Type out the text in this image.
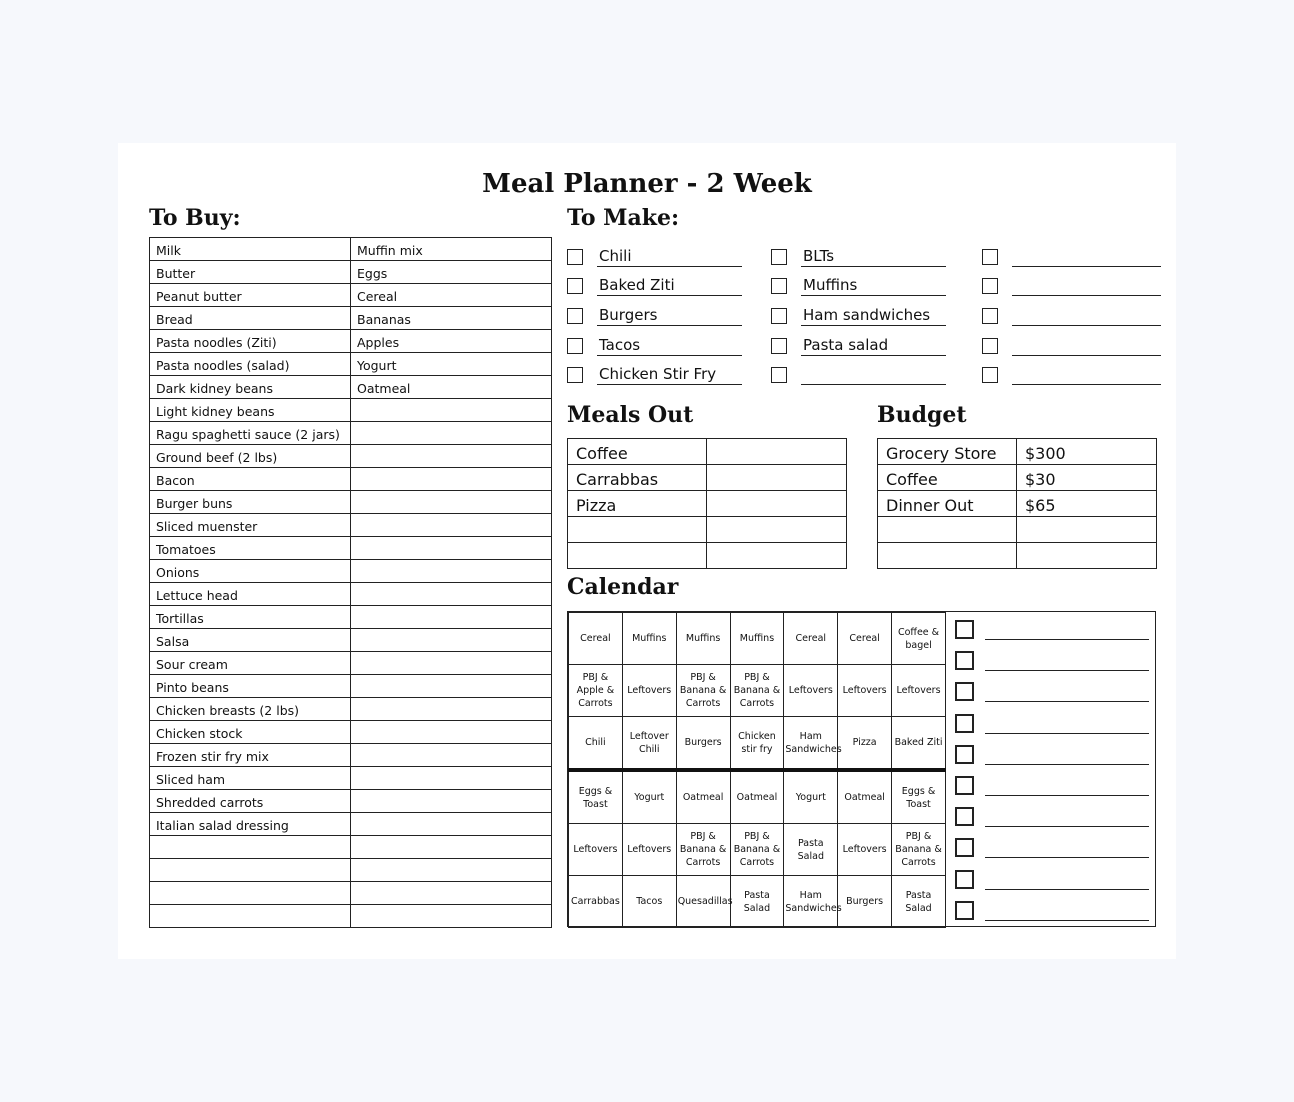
Meal Planner - 2 Week
To Buy:
Milk	Muffin mix
Butter	Eggs
Peanut butter	Cereal
Bread	Bananas
Pasta noodles (Ziti)	Apples
Pasta noodles (salad)	Yogurt
Dark kidney beans	Oatmeal
Light kidney beans	
Ragu spaghetti sauce (2 jars)	
Ground beef (2 lbs)	
Bacon	
Burger buns	
Sliced muenster	
Tomatoes	
Onions	
Lettuce head	
Tortillas	
Salsa	
Sour cream	
Pinto beans	
Chicken breasts (2 lbs)	
Chicken stock	
Frozen stir fry mix	
Sliced ham	
Shredded carrots	
Italian salad dressing	

To Make:
Chili
Baked Ziti
Burgers
Tacos
Chicken Stir Fry
BLTs
Muffins
Ham sandwiches
Pasta salad
Meals Out
Coffee	
Carrabbas	
Pizza	

Budget
Grocery Store	$300
Coffee	$30
Dinner Out	$65

Calendar
Cereal	Muffins	Muffins	Muffins	Cereal	Cereal	Coffee & bagel
PBJ & Apple & Carrots	Leftovers	PBJ & Banana & Carrots	PBJ & Banana & Carrots	Leftovers	Leftovers	Leftovers
Chili	Leftover Chili	Burgers	Chicken stir fry	Ham Sandwiches	Pizza	Baked Ziti
Eggs & Toast	Yogurt	Oatmeal	Oatmeal	Yogurt	Oatmeal	Eggs & Toast
Leftovers	Leftovers	PBJ & Banana & Carrots	PBJ & Banana & Carrots	Pasta Salad	Leftovers	PBJ & Banana & Carrots
Carrabbas	Tacos	Quesadillas	Pasta Salad	Ham Sandwiches	Burgers	Pasta Salad
